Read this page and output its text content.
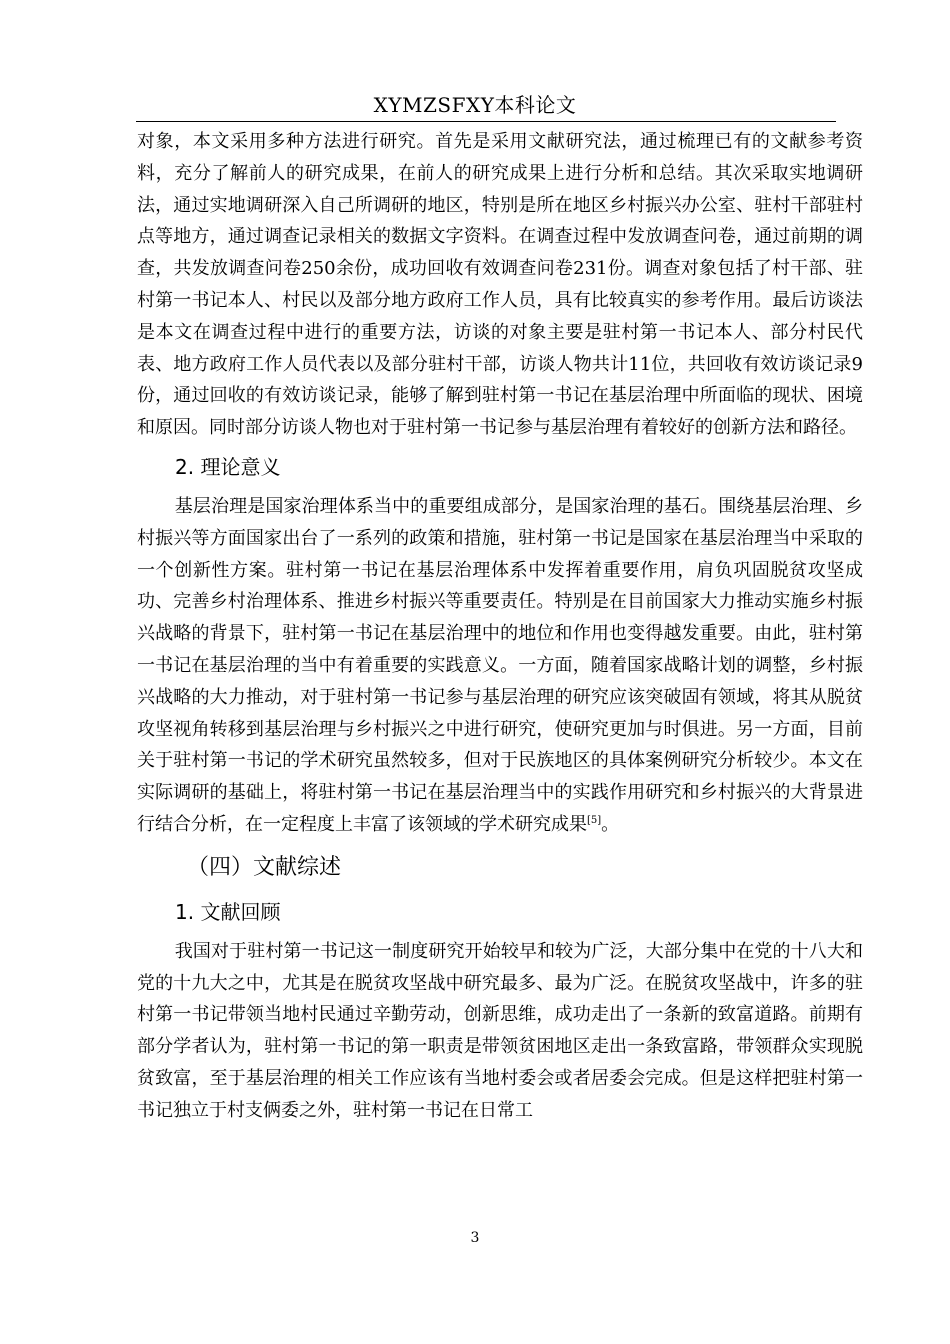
XYMZSFXY本科论文

对象，本文采用多种方法进行研究。首先是采用文献研究法，通过梳理已有的文献参考资料，充分了解前人的研究成果，在前人的研究成果上进行分析和总结。其次采取实地调研法，通过实地调研深入自己所调研的地区，特别是所在地区乡村振兴办公室、驻村干部驻村点等地方，通过调查记录相关的数据文字资料。在调查过程中发放调查问卷，通过前期的调查，共发放调查问卷250余份，成功回收有效调查问卷231份。调查对象包括了村干部、驻村第一书记本人、村民以及部分地方政府工作人员，具有比较真实的参考作用。最后访谈法是本文在调查过程中进行的重要方法，访谈的对象主要是驻村第一书记本人、部分村民代表、地方政府工作人员代表以及部分驻村干部，访谈人物共计11位，共回收有效访谈记录9份，通过回收的有效访谈记录，能够了解到驻村第一书记在基层治理中所面临的现状、困境和原因。同时部分访谈人物也对于驻村第一书记参与基层治理有着较好的创新方法和路径。

2. 理论意义

基层治理是国家治理体系当中的重要组成部分，是国家治理的基石。围绕基层治理、乡村振兴等方面国家出台了一系列的政策和措施，驻村第一书记是国家在基层治理当中采取的一个创新性方案。驻村第一书记在基层治理体系中发挥着重要作用，肩负巩固脱贫攻坚成功、完善乡村治理体系、推进乡村振兴等重要责任。特别是在目前国家大力推动实施乡村振兴战略的背景下，驻村第一书记在基层治理中的地位和作用也变得越发重要。由此，驻村第一书记在基层治理的当中有着重要的实践意义。一方面，随着国家战略计划的调整，乡村振兴战略的大力推动，对于驻村第一书记参与基层治理的研究应该突破固有领域，将其从脱贫攻坚视角转移到基层治理与乡村振兴之中进行研究，使研究更加与时俱进。另一方面，目前关于驻村第一书记的学术研究虽然较多，但对于民族地区的具体案例研究分析较少。本文在实际调研的基础上，将驻村第一书记在基层治理当中的实践作用研究和乡村振兴的大背景进行结合分析，在一定程度上丰富了该领域的学术研究成果[5]。

（四）文献综述
1. 文献回顾

我国对于驻村第一书记这一制度研究开始较早和较为广泛，大部分集中在党的十八大和党的十九大之中，尤其是在脱贫攻坚战中研究最多、最为广泛。在脱贫攻坚战中，许多的驻村第一书记带领当地村民通过辛勤劳动，创新思维，成功走出了一条新的致富道路。前期有部分学者认为，驻村第一书记的第一职责是带领贫困地区走出一条致富路，带领群众实现脱贫致富，至于基层治理的相关工作应该有当地村委会或者居委会完成。但是这样把驻村第一书记独立于村支俩委之外，驻村第一书记在日常工

3
